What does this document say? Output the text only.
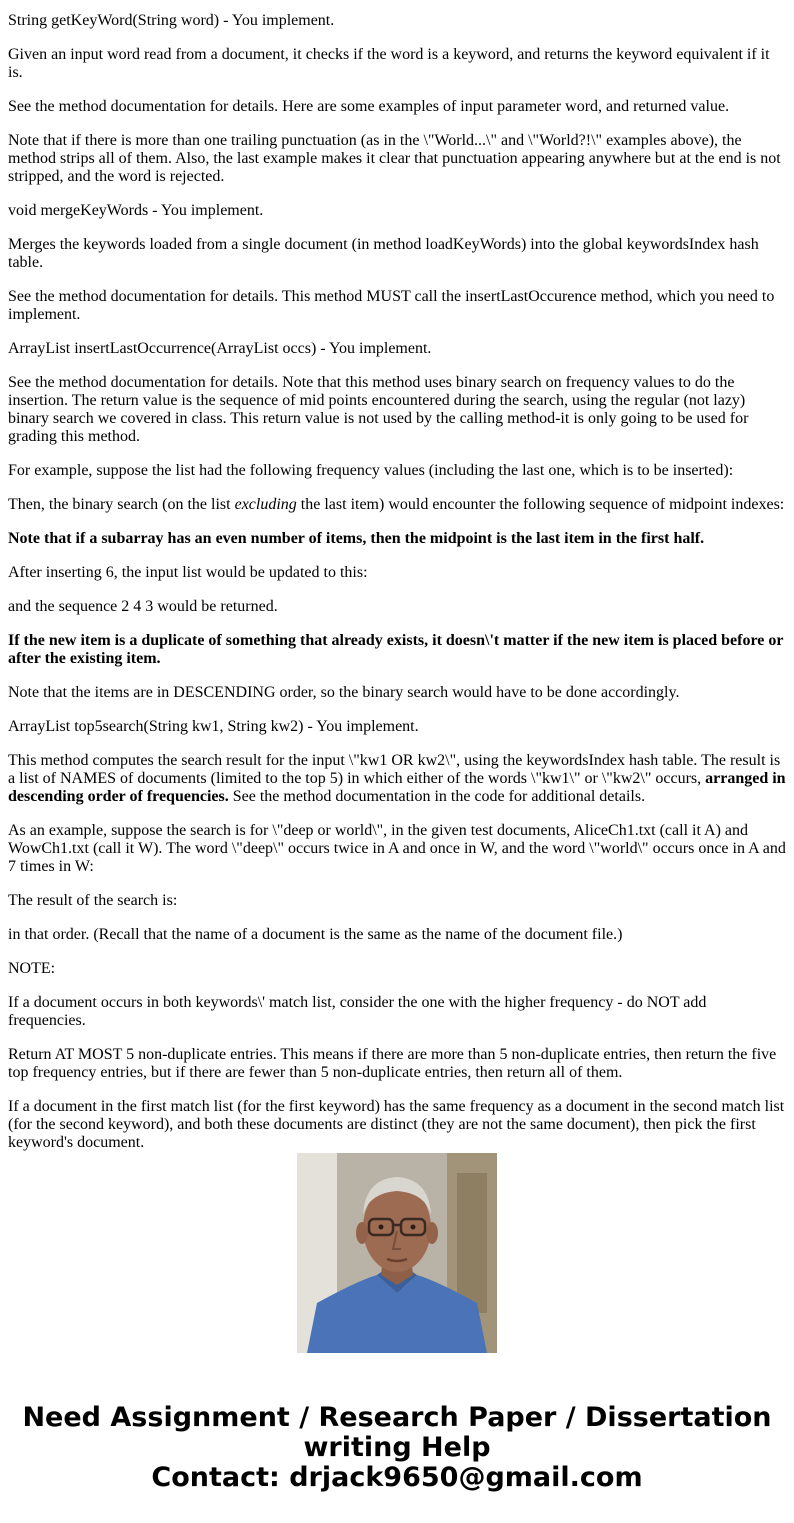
String getKeyWord(String word) - You implement.

Given an input word read from a document, it checks if the word is a keyword, and returns the keyword equivalent if it is.

See the method documentation for details. Here are some examples of input parameter word, and returned value.

Note that if there is more than one trailing punctuation (as in the \"World...\" and \"World?!\" examples above), the method strips all of them. Also, the last example makes it clear that punctuation appearing anywhere but at the end is not stripped, and the word is rejected.

void mergeKeyWords - You implement.

Merges the keywords loaded from a single document (in method loadKeyWords) into the global keywordsIndex hash table.

See the method documentation for details. This method MUST call the insertLastOccurence method, which you need to implement.

ArrayList insertLastOccurrence(ArrayList occs) - You implement.

See the method documentation for details. Note that this method uses binary search on frequency values to do the insertion. The return value is the sequence of mid points encountered during the search, using the regular (not lazy) binary search we covered in class. This return value is not used by the calling method-it is only going to be used for grading this method.

For example, suppose the list had the following frequency values (including the last one, which is to be inserted):

Then, the binary search (on the list excluding the last item) would encounter the following sequence of midpoint indexes:

Note that if a subarray has an even number of items, then the midpoint is the last item in the first half.

After inserting 6, the input list would be updated to this:

and the sequence 2 4 3 would be returned.

If the new item is a duplicate of something that already exists, it doesn\'t matter if the new item is placed before or after the existing item.

Note that the items are in DESCENDING order, so the binary search would have to be done accordingly.

ArrayList top5search(String kw1, String kw2) - You implement.

This method computes the search result for the input \"kw1 OR kw2\", using the keywordsIndex hash table. The result is a list of NAMES of documents (limited to the top 5) in which either of the words \"kw1\" or \"kw2\" occurs, arranged in descending order of frequencies. See the method documentation in the code for additional details.

As an example, suppose the search is for \"deep or world\", in the given test documents, AliceCh1.txt (call it A) and WowCh1.txt (call it W). The word \"deep\" occurs twice in A and once in W, and the word \"world\" occurs once in A and 7 times in W:

The result of the search is:

in that order. (Recall that the name of a document is the same as the name of the document file.)

NOTE:

If a document occurs in both keywords\' match list, consider the one with the higher frequency - do NOT add frequencies.

Return AT MOST 5 non-duplicate entries. This means if there are more than 5 non-duplicate entries, then return the five top frequency entries, but if there are fewer than 5 non-duplicate entries, then return all of them.

If a document in the first match list (for the first keyword) has the same frequency as a document in the second match list (for the second keyword), and both these documents are distinct (they are not the same document), then pick the first keyword's document.

Need Assignment / Research Paper / Dissertation
writing Help
Contact: drjack9650@gmail.com
